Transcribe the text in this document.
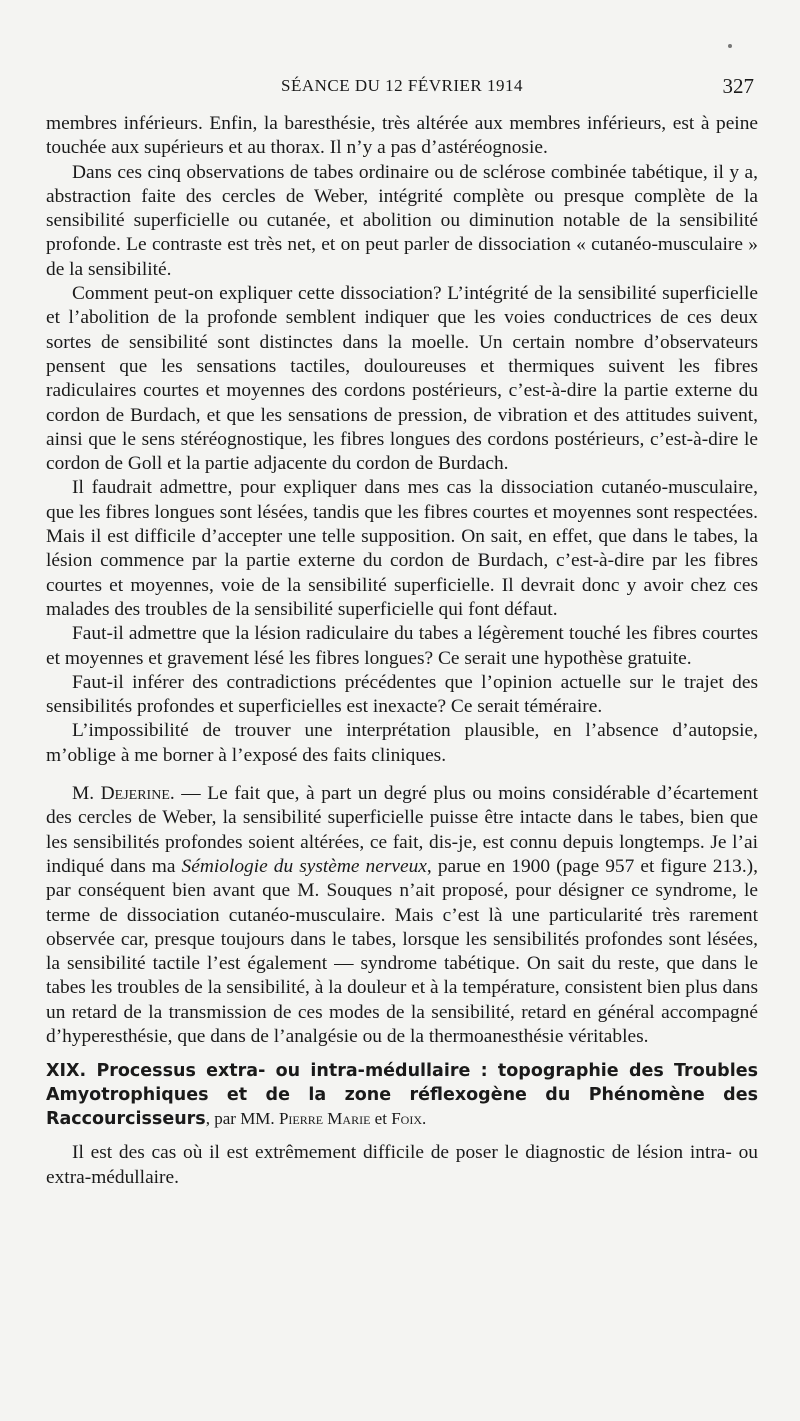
SÉANCE DU 12 FÉVRIER 1914	327

membres inférieurs. Enfin, la baresthésie, très altérée aux membres inférieurs, est à peine touchée aux supérieurs et au thorax. Il n’y a pas d’astéréognosie.

Dans ces cinq observations de tabes ordinaire ou de sclérose combinée tabétique, il y a, abstraction faite des cercles de Weber, intégrité complète ou presque complète de la sensibilité superficielle ou cutanée, et abolition ou diminution notable de la sensibilité profonde. Le contraste est très net, et on peut parler de dissociation « cutanéo-musculaire » de la sensibilité.

Comment peut-on expliquer cette dissociation? L’intégrité de la sensibilité superficielle et l’abolition de la profonde semblent indiquer que les voies conductrices de ces deux sortes de sensibilité sont distinctes dans la moelle. Un certain nombre d’observateurs pensent que les sensations tactiles, douloureuses et thermiques suivent les fibres radiculaires courtes et moyennes des cordons postérieurs, c’est-à-dire la partie externe du cordon de Burdach, et que les sensations de pression, de vibration et des attitudes suivent, ainsi que le sens stéréognostique, les fibres longues des cordons postérieurs, c’est-à-dire le cordon de Goll et la partie adjacente du cordon de Burdach.

Il faudrait admettre, pour expliquer dans mes cas la dissociation cutanéo-musculaire, que les fibres longues sont lésées, tandis que les fibres courtes et moyennes sont respectées. Mais il est difficile d’accepter une telle supposition. On sait, en effet, que dans le tabes, la lésion commence par la partie externe du cordon de Burdach, c’est-à-dire par les fibres courtes et moyennes, voie de la sensibilité superficielle. Il devrait donc y avoir chez ces malades des troubles de la sensibilité superficielle qui font défaut.

Faut-il admettre que la lésion radiculaire du tabes a légèrement touché les fibres courtes et moyennes et gravement lésé les fibres longues? Ce serait une hypothèse gratuite.

Faut-il inférer des contradictions précédentes que l’opinion actuelle sur le trajet des sensibilités profondes et superficielles est inexacte? Ce serait téméraire.

L’impossibilité de trouver une interprétation plausible, en l’absence d’autopsie, m’oblige à me borner à l’exposé des faits cliniques.

M. Dejerine. — Le fait que, à part un degré plus ou moins considérable d’écartement des cercles de Weber, la sensibilité superficielle puisse être intacte dans le tabes, bien que les sensibilités profondes soient altérées, ce fait, dis-je, est connu depuis longtemps. Je l’ai indiqué dans ma Sémiologie du système nerveux, parue en 1900 (page 957 et figure 213.), par conséquent bien avant que M. Souques n’ait proposé, pour désigner ce syndrome, le terme de dissociation cutanéo-musculaire. Mais c’est là une particularité très rarement observée car, presque toujours dans le tabes, lorsque les sensibilités profondes sont lésées, la sensibilité tactile l’est également — syndrome tabétique. On sait du reste, que dans le tabes les troubles de la sensibilité, à la douleur et à la température, consistent bien plus dans un retard de la transmission de ces modes de la sensibilité, retard en général accompagné d’hyperesthésie, que dans de l’analgésie ou de la thermoanesthésie véritables.

XIX. Processus extra- ou intra-médullaire : topographie des Troubles Amyotrophiques et de la zone réflexogène du Phénomène des Raccourcisseurs, par MM. Pierre Marie et Foix.

Il est des cas où il est extrêmement difficile de poser le diagnostic de lésion intra- ou extra-médullaire.
